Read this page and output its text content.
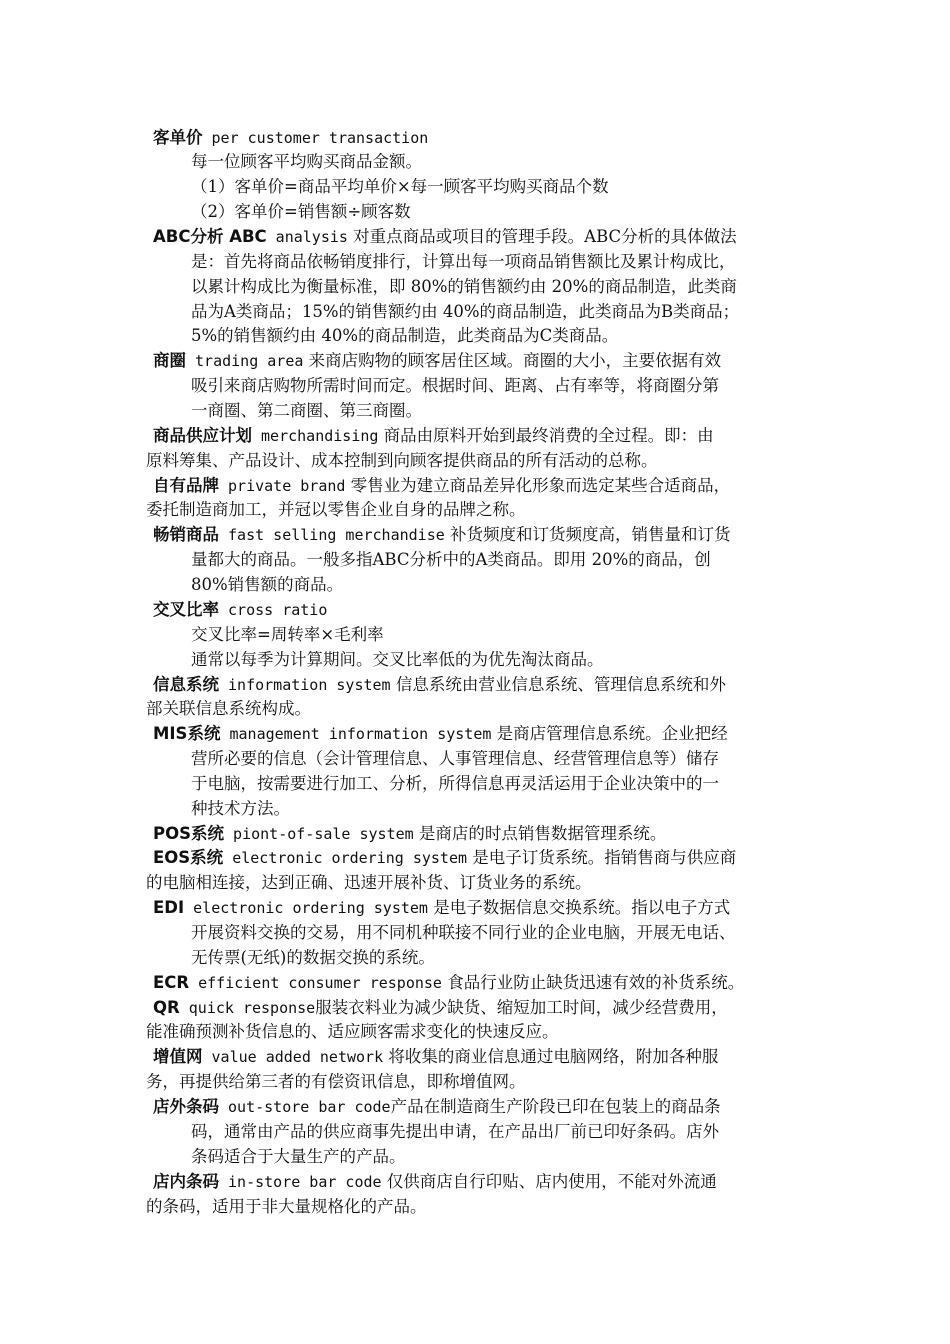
客单价 per customer transaction
每一位顾客平均购买商品金额。
（1）客单价=商品平均单价×每一顾客平均购买商品个数
（2）客单价=销售额÷顾客数
ABC分析 ABC analysis 对重点商品或项目的管理手段。ABC分析的具体做法
是：首先将商品依畅销度排行，计算出每一项商品销售额比及累计构成比，
以累计构成比为衡量标准，即 80%的销售额约由 20%的商品制造，此类商
品为A类商品；15%的销售额约由 40%的商品制造，此类商品为B类商品；
5%的销售额约由 40%的商品制造，此类商品为C类商品。
商圈 trading area 来商店购物的顾客居住区域。商圈的大小，主要依据有效
吸引来商店购物所需时间而定。根据时间、距离、占有率等，将商圈分第
一商圈、第二商圈、第三商圈。
商品供应计划 merchandising 商品由原料开始到最终消费的全过程。即：由
原料筹集、产品设计、成本控制到向顾客提供商品的所有活动的总称。
自有品牌 private brand 零售业为建立商品差异化形象而选定某些合适商品，
委托制造商加工，并冠以零售企业自身的品牌之称。
畅销商品 fast selling merchandise 补货频度和订货频度高，销售量和订货
量都大的商品。一般多指ABC分析中的A类商品。即用 20%的商品，创
80%销售额的商品。
交叉比率 cross ratio
交叉比率=周转率×毛利率
通常以每季为计算期间。交叉比率低的为优先淘汰商品。
信息系统 information system 信息系统由营业信息系统、管理信息系统和外
部关联信息系统构成。
MIS系统 management information system 是商店管理信息系统。企业把经
营所必要的信息（会计管理信息、人事管理信息、经营管理信息等）储存
于电脑，按需要进行加工、分析，所得信息再灵活运用于企业决策中的一
种技术方法。
POS系统 piont-of-sale system 是商店的时点销售数据管理系统。
EOS系统 electronic ordering system 是电子订货系统。指销售商与供应商
的电脑相连接，达到正确、迅速开展补货、订货业务的系统。
EDI electronic ordering system 是电子数据信息交换系统。指以电子方式
开展资料交换的交易，用不同机种联接不同行业的企业电脑，开展无电话、
无传票(无纸)的数据交换的系统。
ECR efficient consumer response 食品行业防止缺货迅速有效的补货系统。
QR quick response服装衣料业为减少缺货、缩短加工时间，减少经营费用，
能准确预测补货信息的、适应顾客需求变化的快速反应。
增值网 value added network 将收集的商业信息通过电脑网络，附加各种服
务，再提供给第三者的有偿资讯信息，即称增值网。
店外条码 out-store bar code产品在制造商生产阶段已印在包装上的商品条
码，通常由产品的供应商事先提出申请，在产品出厂前已印好条码。店外
条码适合于大量生产的产品。
店内条码 in-store bar code 仅供商店自行印贴、店内使用，不能对外流通
的条码，适用于非大量规格化的产品。
